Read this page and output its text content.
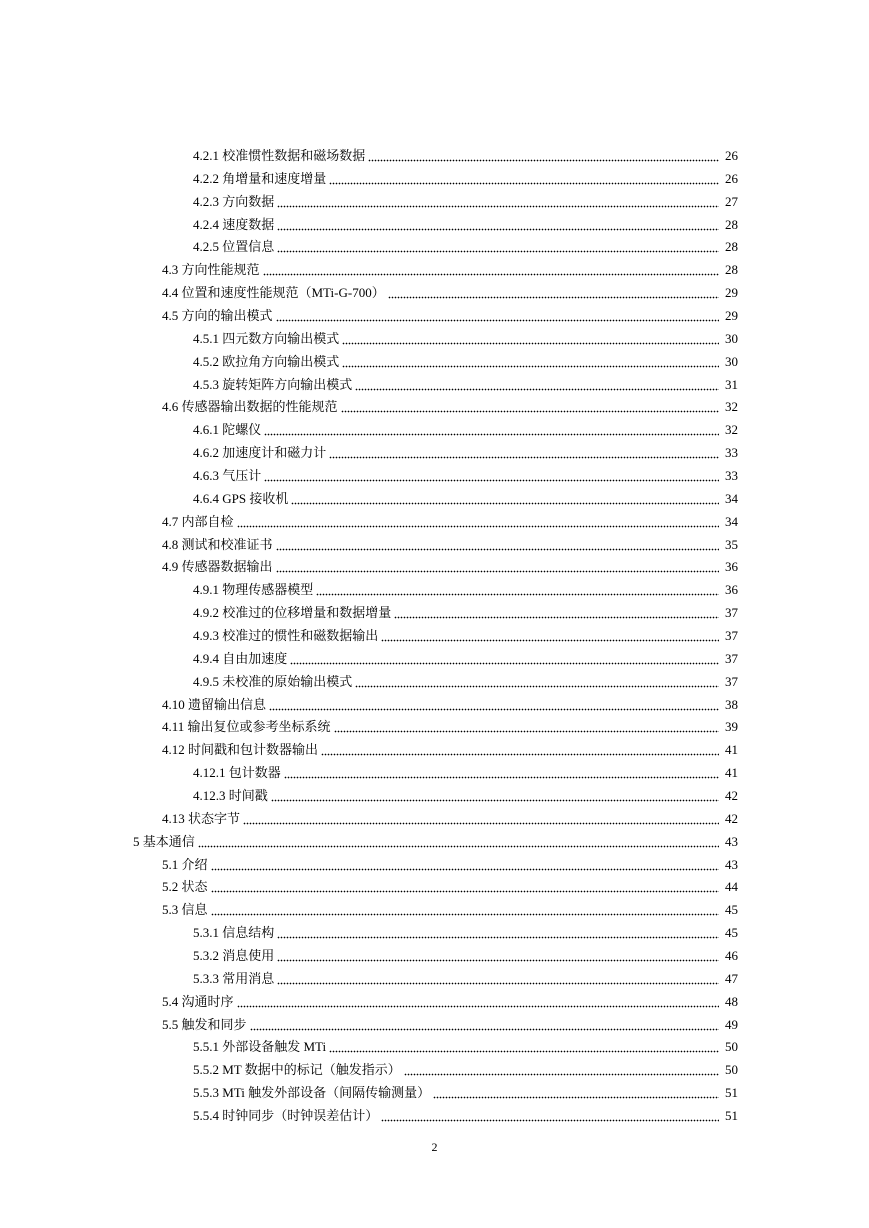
4.2.1 校准惯性数据和磁场数据	26
4.2.2 角增量和速度增量	26
4.2.3 方向数据	27
4.2.4 速度数据	28
4.2.5 位置信息	28
4.3 方向性能规范	28
4.4 位置和速度性能规范（MTi-G-700）	29
4.5 方向的输出模式	29
4.5.1 四元数方向输出模式	30
4.5.2 欧拉角方向输出模式	30
4.5.3 旋转矩阵方向输出模式	31
4.6 传感器输出数据的性能规范	32
4.6.1 陀螺仪	32
4.6.2 加速度计和磁力计	33
4.6.3 气压计	33
4.6.4 GPS 接收机	34
4.7 内部自检	34
4.8 测试和校准证书	35
4.9 传感器数据输出	36
4.9.1 物理传感器模型	36
4.9.2 校准过的位移增量和数据增量	37
4.9.3 校准过的惯性和磁数据输出	37
4.9.4 自由加速度	37
4.9.5 未校准的原始输出模式	37
4.10 遗留输出信息	38
4.11 输出复位或参考坐标系统	39
4.12 时间戳和包计数器输出	41
4.12.1 包计数器	41
4.12.3 时间戳	42
4.13 状态字节	42
5 基本通信	43
5.1 介绍	43
5.2 状态	44
5.3 信息	45
5.3.1 信息结构	45
5.3.2 消息使用	46
5.3.3 常用消息	47
5.4 沟通时序	48
5.5 触发和同步	49
5.5.1 外部设备触发 MTi	50
5.5.2 MT 数据中的标记（触发指示）	50
5.5.3 MTi 触发外部设备（间隔传输测量）	51
5.5.4 时钟同步（时钟误差估计）	51
2
